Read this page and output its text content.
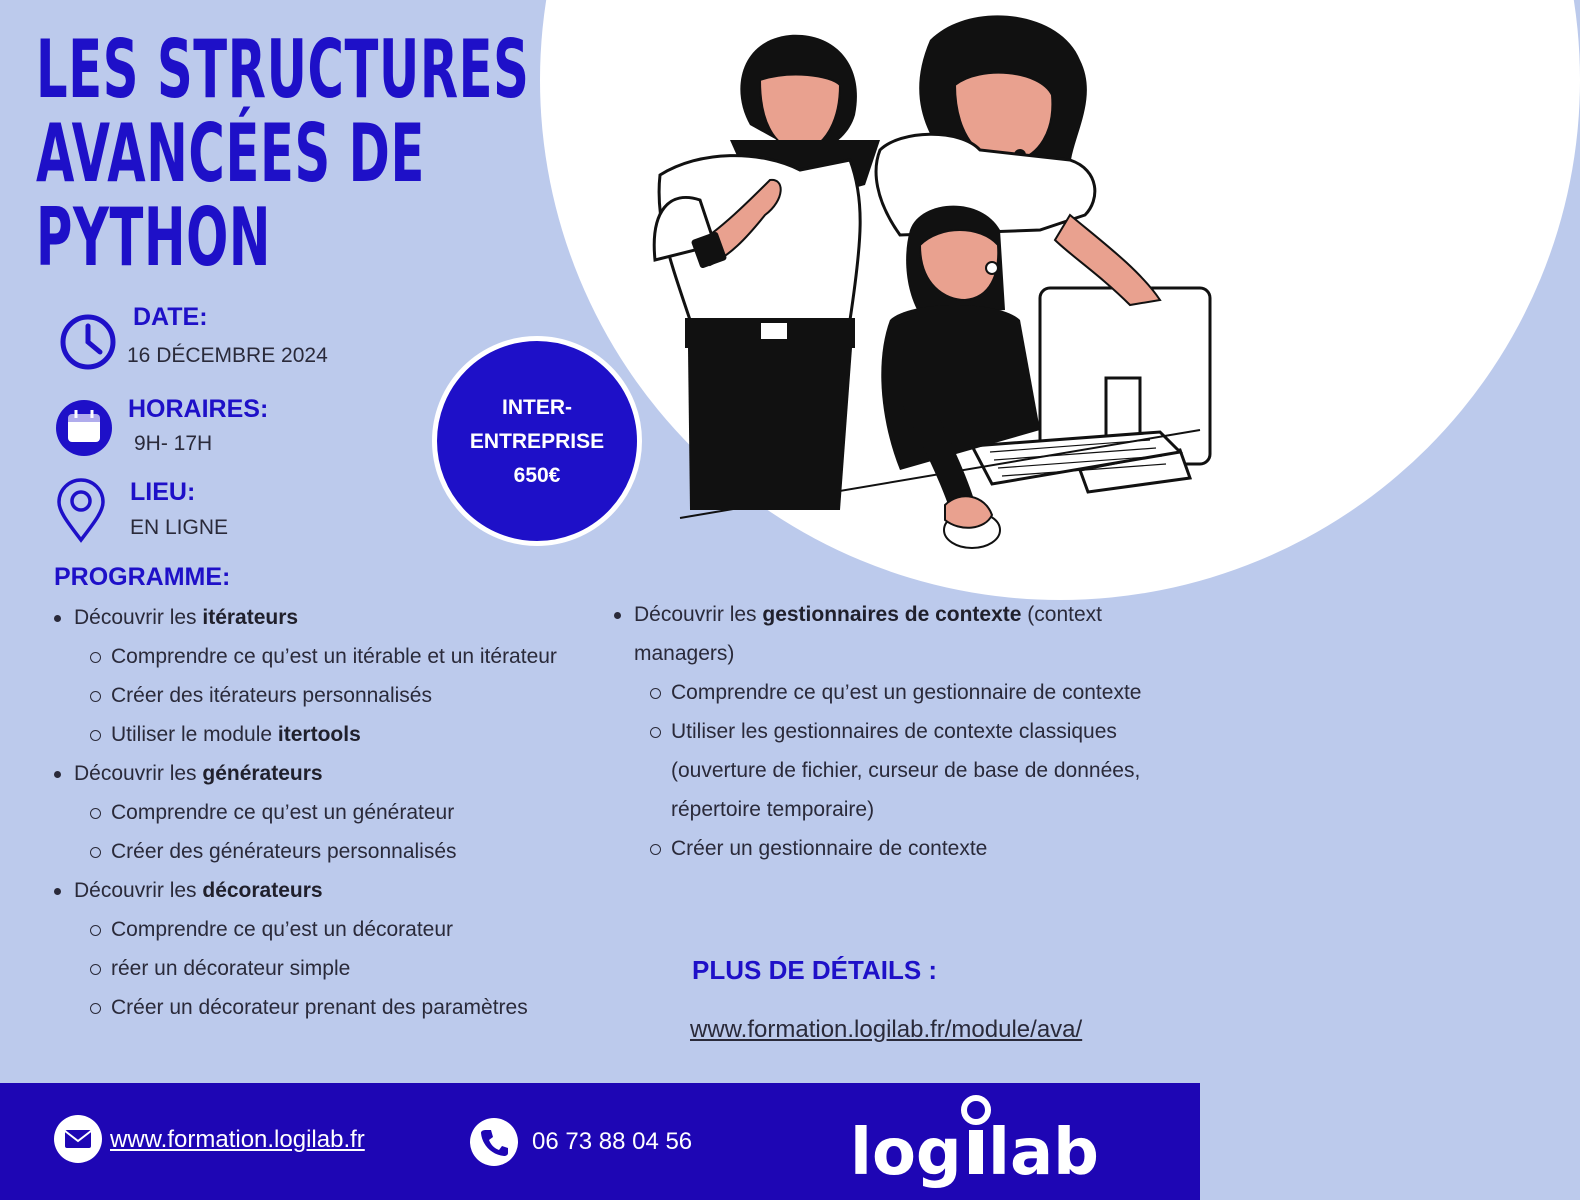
LES STRUCTURES
AVANCÉES DE
PYTHON
DATE:
16 DÉCEMBRE 2024
HORAIRES:
9H- 17H
LIEU:
EN LIGNE
INTER-
ENTREPRISE
650€
PROGRAMME:
Découvrir les itérateurs
Comprendre ce qu’est un itérable et un itérateur
Créer des itérateurs personnalisés
Utiliser le module itertools
Découvrir les générateurs
Comprendre ce qu’est un générateur
Créer des générateurs personnalisés
Découvrir les décorateurs
Comprendre ce qu’est un décorateur
réer un décorateur simple
Créer un décorateur prenant des paramètres
Découvrir les gestionnaires de contexte (context managers)
Comprendre ce qu’est un gestionnaire de contexte
Utiliser les gestionnaires de contexte classiques (ouverture de fichier, curseur de base de données, répertoire temporaire)
Créer un gestionnaire de contexte
PLUS DE DÉTAILS :
www.formation.logilab.fr/module/ava/
www.formation.logilab.fr	06 73 88 04 56 log lab
